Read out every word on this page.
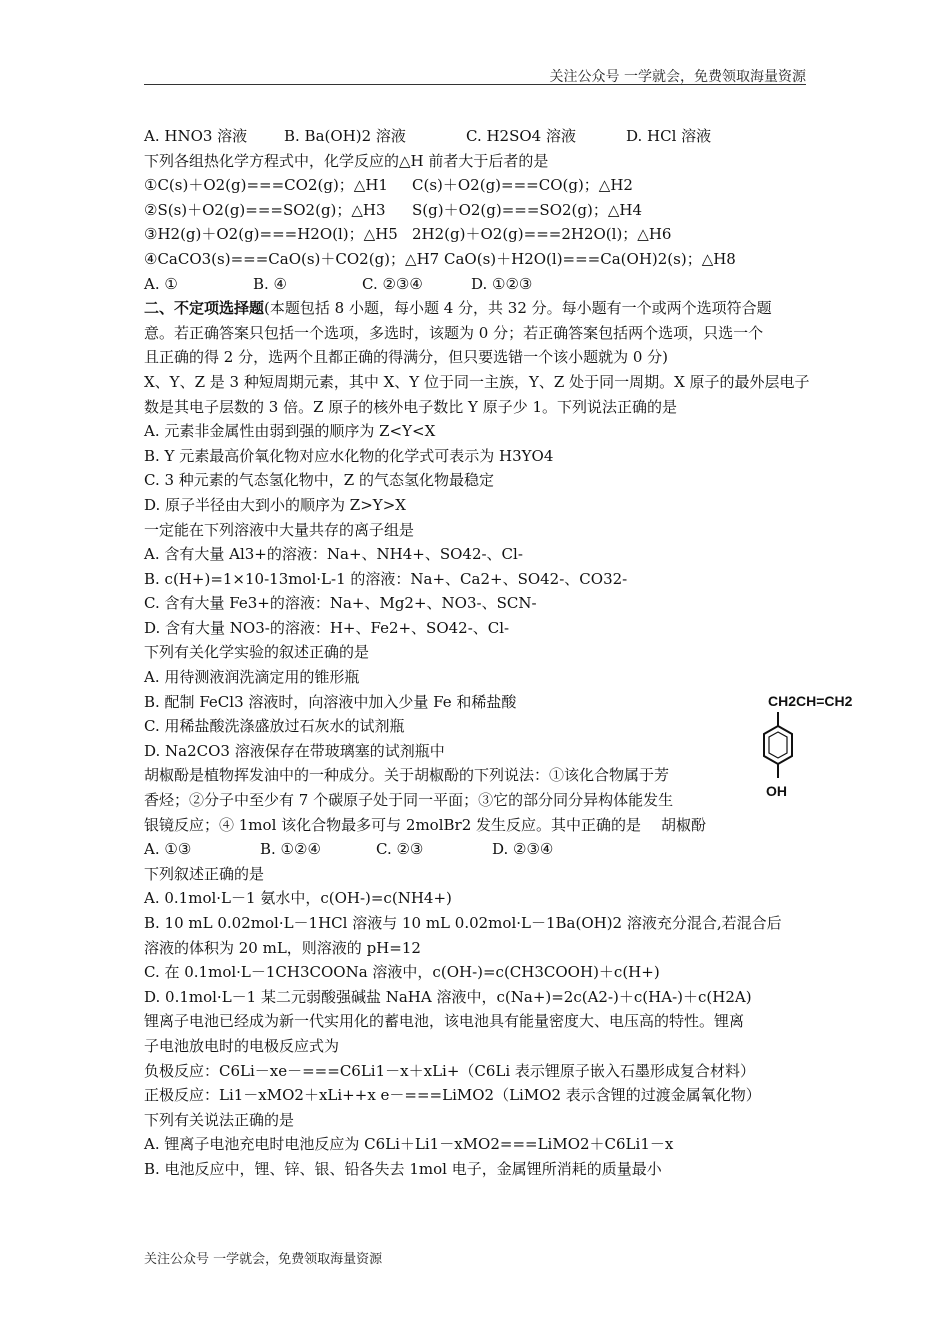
关注公众号 一学就会，免费领取海量资源
A. HNO3 溶液 B. Ba(OH)2 溶液	C. H2SO4 溶液	D. HCl 溶液
下列各组热化学方程式中，化学反应的△H 前者大于后者的是
①C(s)＋O2(g)===CO2(g)；△H1 C(s)＋O2(g)===CO(g)；△H2
②S(s)＋O2(g)===SO2(g)；△H3 S(g)＋O2(g)===SO2(g)；△H4
③H2(g)＋O2(g)===H2O(l)；△H5 2H2(g)＋O2(g)===2H2O(l)；△H6
④CaCO3(s)===CaO(s)＋CO2(g)；△H7 CaO(s)＋H2O(l)===Ca(OH)2(s)；△H8
A. ①	B. ④	C. ②③④	D. ①②③
二、不定项选择题(本题包括 8 小题，每小题 4 分，共 32 分。每小题有一个或两个选项符合题
意。若正确答案只包括一个选项，多选时，该题为 0 分；若正确答案包括两个选项，只选一个
且正确的得 2 分，选两个且都正确的得满分，但只要选错一个该小题就为 0 分)
X、Y、Z 是 3 种短周期元素，其中 X、Y 位于同一主族，Y、Z 处于同一周期。X 原子的最外层电子
数是其电子层数的 3 倍。Z 原子的核外电子数比 Y 原子少 1。下列说法正确的是
A. 元素非金属性由弱到强的顺序为 Z<Y<X
B. Y 元素最高价氧化物对应水化物的化学式可表示为 H3YO4
C. 3 种元素的气态氢化物中，Z 的气态氢化物最稳定
D. 原子半径由大到小的顺序为 Z>Y>X
一定能在下列溶液中大量共存的离子组是
A. 含有大量 Al3+的溶液：Na+、NH4+、SO42-、Cl-
B. c(H+)=1×10-13mol·L-1 的溶液：Na+、Ca2+、SO42-、CO32-
C. 含有大量 Fe3+的溶液：Na+、Mg2+、NO3-、SCN-
D. 含有大量 NO3-的溶液：H+、Fe2+、SO42-、Cl-
下列有关化学实验的叙述正确的是
A. 用待测液润洗滴定用的锥形瓶
B. 配制 FeCl3 溶液时，向溶液中加入少量 Fe 和稀盐酸
C. 用稀盐酸洗涤盛放过石灰水的试剂瓶
D. Na2CO3 溶液保存在带玻璃塞的试剂瓶中
胡椒酚是植物挥发油中的一种成分。关于胡椒酚的下列说法：①该化合物属于芳
香烃；②分子中至少有 7 个碳原子处于同一平面；③它的部分同分异构体能发生
银镜反应；④ 1mol 该化合物最多可与 2molBr2 发生反应。其中正确的是 胡椒酚
A. ①③	B. ①②④	C. ②③	D. ②③④
下列叙述正确的是
A. 0.1mol·L－1 氨水中，c(OH-)=c(NH4+)
B. 10 mL 0.02mol·L－1HCl 溶液与 10 mL 0.02mol·L－1Ba(OH)2 溶液充分混合,若混合后
溶液的体积为 20 mL，则溶液的 pH=12
C. 在 0.1mol·L－1CH3COONa 溶液中，c(OH-)=c(CH3COOH)＋c(H+)
D. 0.1mol·L－1 某二元弱酸强碱盐 NaHA 溶液中，c(Na+)=2c(A2-)＋c(HA-)＋c(H2A)
锂离子电池已经成为新一代实用化的蓄电池，该电池具有能量密度大、电压高的特性。锂离
子电池放电时的电极反应式为
负极反应：C6Li－xe－===C6Li1－x＋xLi+（C6Li 表示锂原子嵌入石墨形成复合材料）
正极反应：Li1－xMO2＋xLi++x e－===LiMO2（LiMO2 表示含锂的过渡金属氧化物）
下列有关说法正确的是
A. 锂离子电池充电时电池反应为 C6Li＋Li1－xMO2===LiMO2＋C6Li1－x
B. 电池反应中，锂、锌、银、铅各失去 1mol 电子，金属锂所消耗的质量最小
CH2CH=CH2
OH
关注公众号 一学就会，免费领取海量资源
